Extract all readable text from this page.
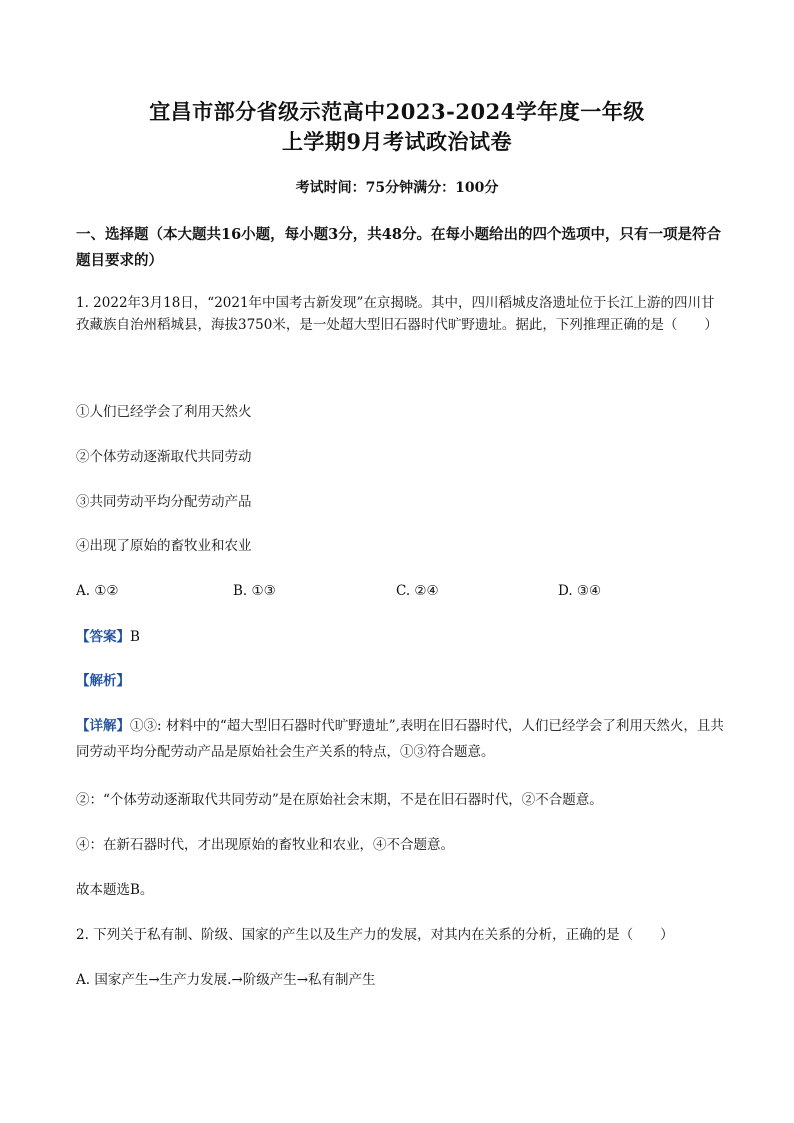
宜昌市部分省级示范高中2023-2024学年度一年级
上学期9月考试政治试卷
考试时间：75分钟满分：100分
一、选择题（本大题共16小题，每小题3分，共48分。在每小题给出的四个选项中，只有一项是符合题目要求的）
1. 2022年3月18日，“2021年中国考古新发现”在京揭晓。其中，四川稻城皮洛遗址位于长江上游的四川甘孜藏族自治州稻城县，海拔3750米，是一处超大型旧石器时代旷野遗址。据此，下列推理正确的是（　　）
①人们已经学会了利用天然火
②个体劳动逐渐取代共同劳动
③共同劳动平均分配劳动产品
④出现了原始的畜牧业和农业
A. ①②	B. ①③	C. ②④	D. ③④
【答案】B
【解析】
【详解】①③: 材料中的“超大型旧石器时代旷野遗址”,表明在旧石器时代，人们已经学会了利用天然火，且共同劳动平均分配劳动产品是原始社会生产关系的特点，①③符合题意。
②：“个体劳动逐渐取代共同劳动”是在原始社会末期，不是在旧石器时代，②不合题意。
④：在新石器时代，才出现原始的畜牧业和农业，④不合题意。
故本题选B。
2. 下列关于私有制、阶级、国家的产生以及生产力的发展，对其内在关系的分析，正确的是（　　）
A. 国家产生→生产力发展.→阶级产生→私有制产生
